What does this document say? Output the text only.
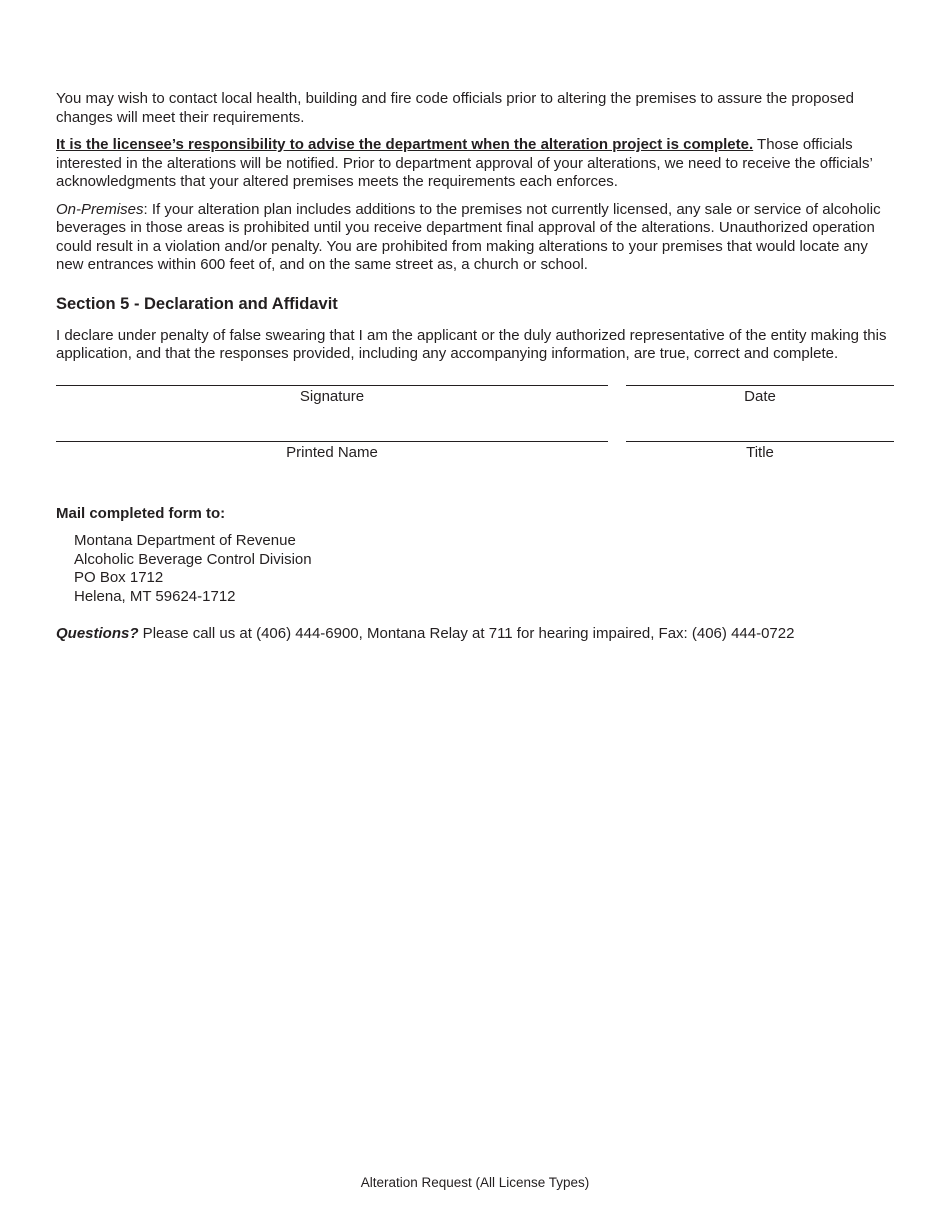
You may wish to contact local health, building and fire code officials prior to altering the premises to assure the proposed changes will meet their requirements.

It is the licensee’s responsibility to advise the department when the alteration project is complete. Those officials interested in the alterations will be notified. Prior to department approval of your alterations, we need to receive the officials’ acknowledgments that your altered premises meets the requirements each enforces.

On-Premises: If your alteration plan includes additions to the premises not currently licensed, any sale or service of alcoholic beverages in those areas is prohibited until you receive department final approval of the alterations. Unauthorized operation could result in a violation and/or penalty. You are prohibited from making alterations to your premises that would locate any new entrances within 600 feet of, and on the same street as, a church or school.

Section 5 - Declaration and Affidavit

I declare under penalty of false swearing that I am the applicant or the duly authorized representative of the entity making this application, and that the responses provided, including any accompanying information, are true, correct and complete.

Signature	Date
Printed Name	Title
Mail completed form to:
Montana Department of Revenue
Alcoholic Beverage Control Division
PO Box 1712
Helena, MT 59624-1712

Questions? Please call us at (406) 444-6900, Montana Relay at 711 for hearing impaired, Fax: (406) 444-0722

Alteration Request (All License Types)
